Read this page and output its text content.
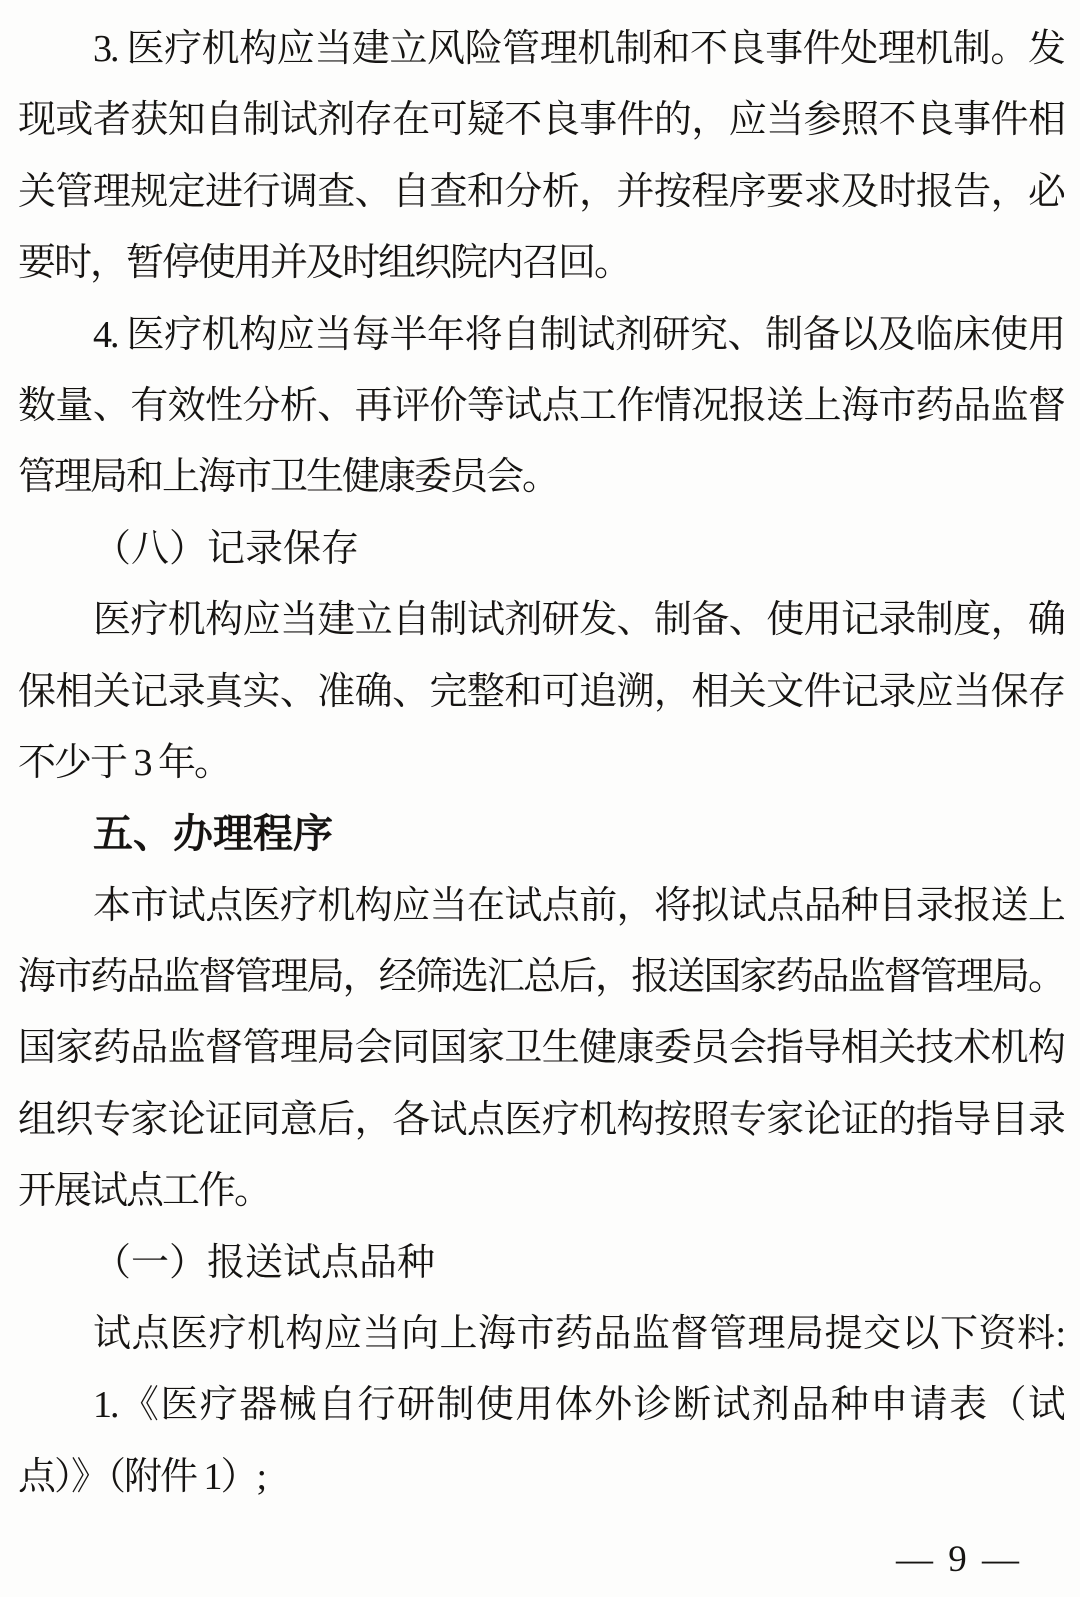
3. 医疗机构应当建立风险管理机制和不良事件处理机制。发
现或者获知自制试剂存在可疑不良事件的，应当参照不良事件相
关管理规定进行调查、自查和分析，并按程序要求及时报告，必
要时，暂停使用并及时组织院内召回。
4. 医疗机构应当每半年将自制试剂研究、制备以及临床使用
数量、有效性分析、再评价等试点工作情况报送上海市药品监督
管理局和上海市卫生健康委员会。
（八）记录保存
医疗机构应当建立自制试剂研发、制备、使用记录制度，确
保相关记录真实、准确、完整和可追溯，相关文件记录应当保存
不少于 3 年。
五、办理程序
本市试点医疗机构应当在试点前，将拟试点品种目录报送上
海市药品监督管理局，经筛选汇总后，报送国家药品监督管理局。
国家药品监督管理局会同国家卫生健康委员会指导相关技术机构
组织专家论证同意后，各试点医疗机构按照专家论证的指导目录
开展试点工作。
（一）报送试点品种
试点医疗机构应当向上海市药品监督管理局提交以下资料:
1.《医疗器械自行研制使用体外诊断试剂品种申请表（试
点）》（附件 1）;
— 9 —
